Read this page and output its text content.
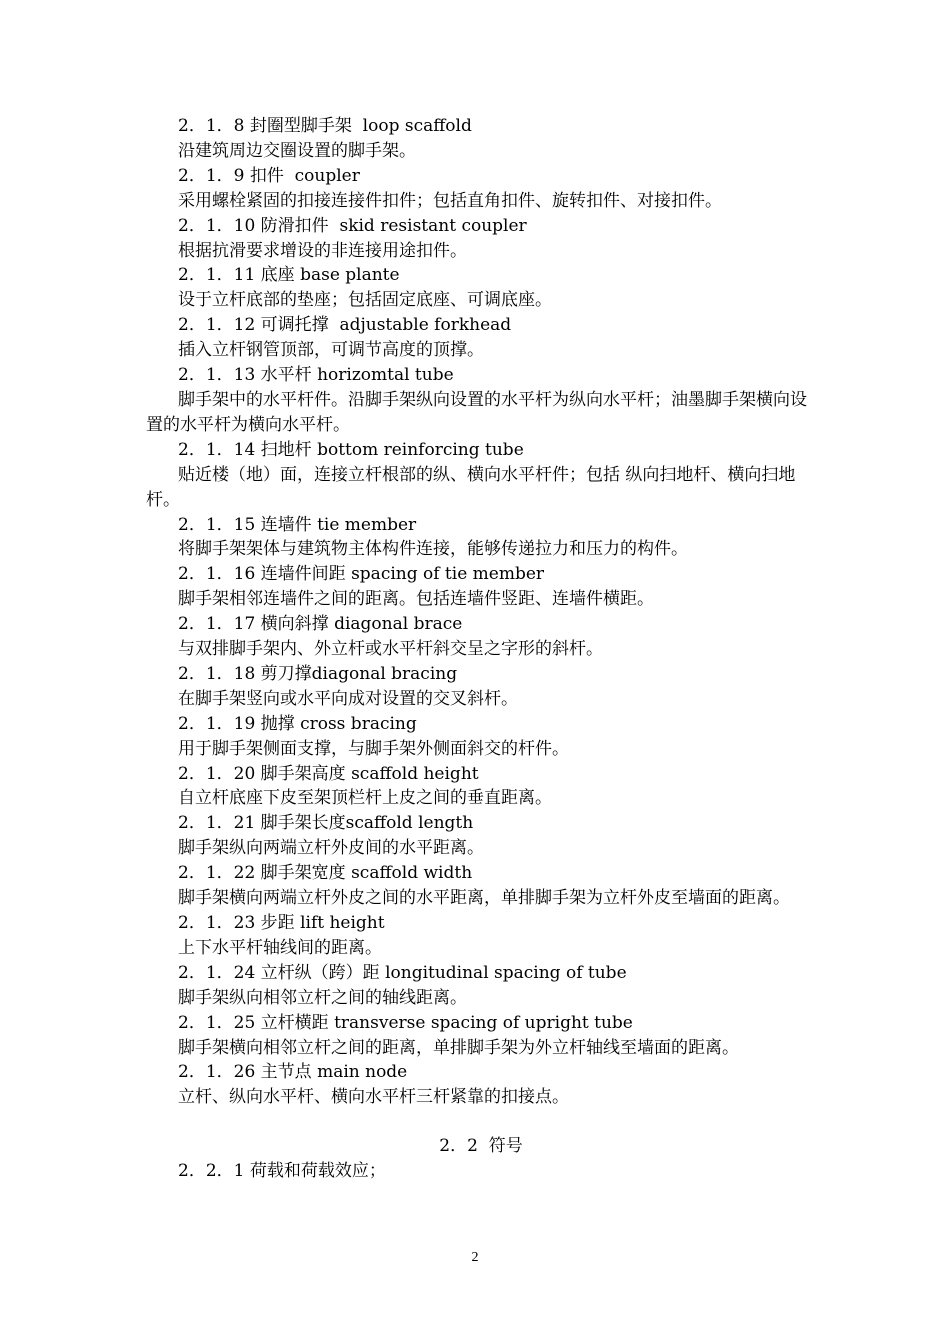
2．1．8 封圈型脚手架  loop scaffold
沿建筑周边交圈设置的脚手架。
2．1．9 扣件  coupler
采用螺栓紧固的扣接连接件扣件；包括直角扣件、旋转扣件、对接扣件。
2．1．10 防滑扣件  skid resistant coupler
根据抗滑要求增设的非连接用途扣件。
2．1．11 底座 base plante
设于立杆底部的垫座；包括固定底座、可调底座。
2．1．12 可调托撑  adjustable forkhead
插入立杆钢管顶部，可调节高度的顶撑。
2．1．13 水平杆 horizomtal tube
脚手架中的水平杆件。沿脚手架纵向设置的水平杆为纵向水平杆；油墨脚手架横向设置的水平杆为横向水平杆。
2．1．14 扫地杆 bottom reinforcing tube
贴近楼（地）面，连接立杆根部的纵、横向水平杆件；包括 纵向扫地杆、横向扫地杆。
2．1．15 连墙件 tie member
将脚手架架体与建筑物主体构件连接，能够传递拉力和压力的构件。
2．1．16 连墙件间距 spacing of tie member
脚手架相邻连墙件之间的距离。包括连墙件竖距、连墙件横距。
2．1．17 横向斜撑 diagonal brace
与双排脚手架内、外立杆或水平杆斜交呈之字形的斜杆。
2．1．18 剪刀撑diagonal bracing
在脚手架竖向或水平向成对设置的交叉斜杆。
2．1．19 抛撑 cross bracing
用于脚手架侧面支撑，与脚手架外侧面斜交的杆件。
2．1．20 脚手架高度 scaffold height
自立杆底座下皮至架顶栏杆上皮之间的垂直距离。
2．1．21 脚手架长度scaffold length
脚手架纵向两端立杆外皮间的水平距离。
2．1．22 脚手架宽度 scaffold width
脚手架横向两端立杆外皮之间的水平距离，单排脚手架为立杆外皮至墙面的距离。
2．1．23 步距 lift height
上下水平杆轴线间的距离。
2．1．24 立杆纵（跨）距 longitudinal spacing of tube
脚手架纵向相邻立杆之间的轴线距离。
2．1．25 立杆横距 transverse spacing of upright tube
脚手架横向相邻立杆之间的距离，单排脚手架为外立杆轴线至墙面的距离。
2．1．26 主节点 main node
立杆、纵向水平杆、横向水平杆三杆紧靠的扣接点。
2．2  符号
2．2．1 荷载和荷载效应；
2
